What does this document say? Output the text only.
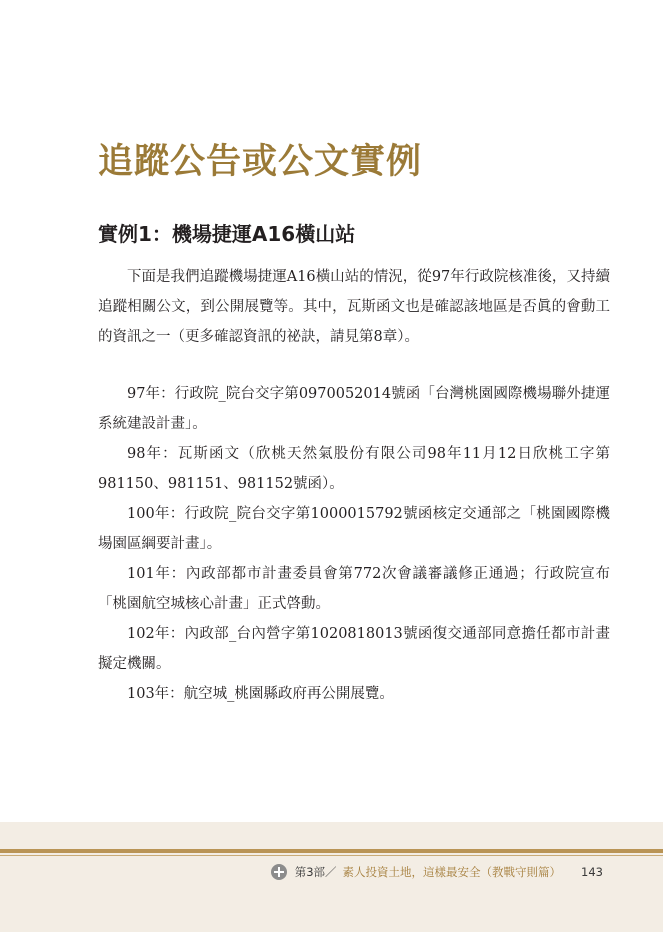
追蹤公告或公文實例
實例1：機場捷運A16橫山站

下面是我們追蹤機場捷運A16橫山站的情況，從97年行政院核准後，又持續追蹤相關公文，到公開展覽等。其中，瓦斯函文也是確認該地區是否眞的會動工的資訊之一（更多確認資訊的祕訣，請見第8章）。

97年：行政院_院台交字第0970052014號函「台灣桃園國際機場聯外捷運系統建設計畫」。

98年：瓦斯函文（欣桃天然氣股份有限公司98年11月12日欣桃工字第981150、981151、981152號函）。

100年：行政院_院台交字第1000015792號函核定交通部之「桃園國際機場園區綱要計畫」。

101年：內政部都市計畫委員會第772次會議審議修正通過；行政院宣布「桃園航空城核心計畫」正式啓動。

102年：內政部_台內營字第1020818013號函復交通部同意擔任都市計畫擬定機關。

103年：航空城_桃園縣政府再公開展覽。

第3部／ 素人投資土地，這樣最安全（教戰守則篇） 143
